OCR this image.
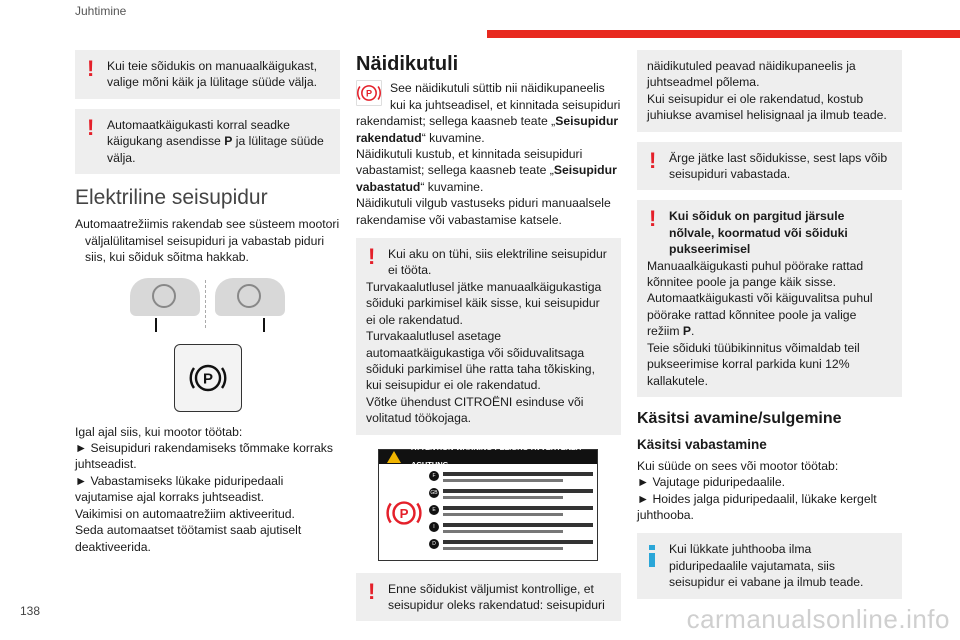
Juhtimine
! Kui teie sõidukis on manuaalkäigukast, valige mõni käik ja lülitage süüde välja.
! Automaatkäigukasti korral seadke käigukang asendisse P ja lülitage süüde välja.
Elektriline seisupidur

Automaatrežiimis rakendab see süsteem mootori väljalülitamisel seisupiduri ja vabastab piduri siis, kui sõiduk sõitma hakkab.

P

Igal ajal siis, kui mootor töötab:

► Seisupiduri rakendamiseks tõmmake korraks juhtseadist.

► Vabastamiseks lükake piduripedaali vajutamise ajal korraks juhtseadist.

Vaikimisi on automaatrežiim aktiveeritud.

Seda automaatset töötamist saab ajutiselt deaktiveerida.

Näidikutuli
P	See näidikutuli süttib nii näidikupaneelis kui ka juhtseadisel, et kinnitada seisupiduri rakendamist; sellega kaasneb teate „Seisupidur rakendatud“ kuvamine.

Näidikutuli kustub, et kinnitada seisupiduri vabastamist; sellega kaasneb teate „Seisupidur vabastatud“ kuvamine.

Näidikutuli vilgub vastuseks piduri manuaalsele rakendamise või vabastamise katsele.

! Kui aku on tühi, siis elektriline seisupidur ei tööta.

Turvakaalutlusel jätke manuaalkäigukastiga sõiduki parkimisel käik sisse, kui seisupidur ei ole rakendatud.

Turvakaalutlusel asetage automaatkäigukastiga või sõiduvalitsaga sõiduki parkimisel ühe ratta taha tõkisking, kui seisupidur ei ole rakendatud.

Võtke ühendust CITROËNI esinduse või volitatud töökojaga.

ATTENTION-WARNING-PELIGRO-AVVERTENZA-ACHTUNG
P
F
GB
E
I
D
! Enne sõidukist väljumist kontrollige, et seisupidur oleks rakendatud: seisupiduri

näidikutuled peavad näidikupaneelis ja juhtseadmel põlema.

Kui seisupidur ei ole rakendatud, kostub juhiukse avamisel helisignaal ja ilmub teade.

! Ärge jätke last sõidukisse, sest laps võib seisupiduri vabastada.

! Kui sõiduk on pargitud järsule nõlvale, koormatud või sõiduki pukseerimisel

Manuaalkäigukasti puhul pöörake rattad kõnnitee poole ja pange käik sisse.

Automaatkäigukasti või käiguvalitsa puhul pöörake rattad kõnnitee poole ja valige režiim P.

Teie sõiduki tüübikinnitus võimaldab teil pukseerimise korral parkida kuni 12% kallakutele.

Käsitsi avamine/sulgemine
Käsitsi vabastamine

Kui süüde on sees või mootor töötab:

► Vajutage piduripedaalile.

► Hoides jalga piduripedaalil, lükake kergelt juhthooba.

Kui lükkate juhthooba ilma piduripedaalile vajutamata, siis seisupidur ei vabane ja ilmub teade.
138	carmanualsonline.info
